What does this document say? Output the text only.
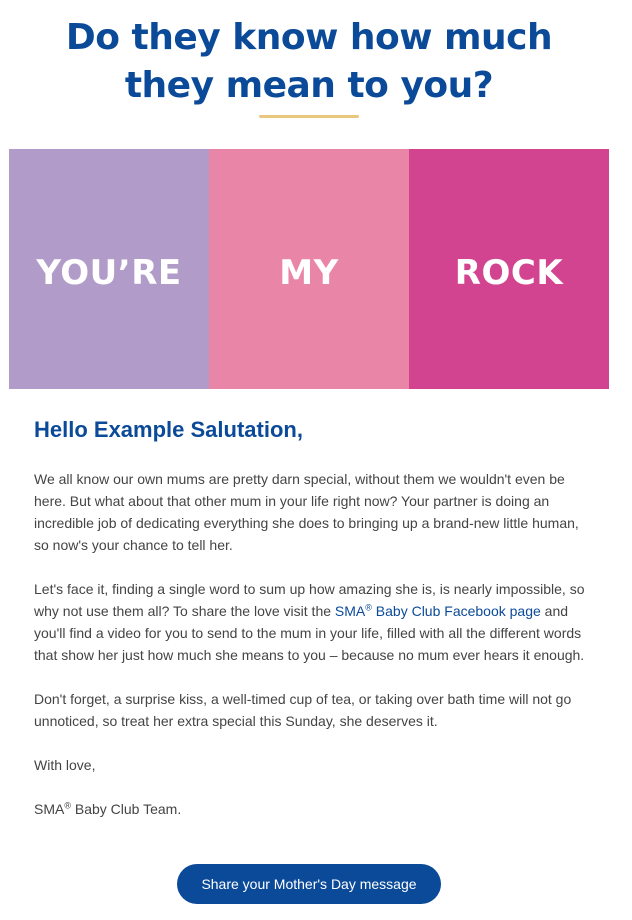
Do they know how much
they mean to you?
YOU’RE	MY	ROCK
Hello Example Salutation,

We all know our own mums are pretty darn special, without them we wouldn't even be here. But what about that other mum in your life right now? Your partner is doing an incredible job of dedicating everything she does to bringing up a brand-new little human, so now's your chance to tell her.

Let's face it, finding a single word to sum up how amazing she is, is nearly impossible, so why not use them all? To share the love visit the SMA® Baby Club Facebook page and you'll find a video for you to send to the mum in your life, filled with all the different words that show her just how much she means to you – because no mum ever hears it enough.

Don't forget, a surprise kiss, a well-timed cup of tea, or taking over bath time will not go unnoticed, so treat her extra special this Sunday, she deserves it.

With love,

SMA® Baby Club Team.

Share your Mother's Day message
